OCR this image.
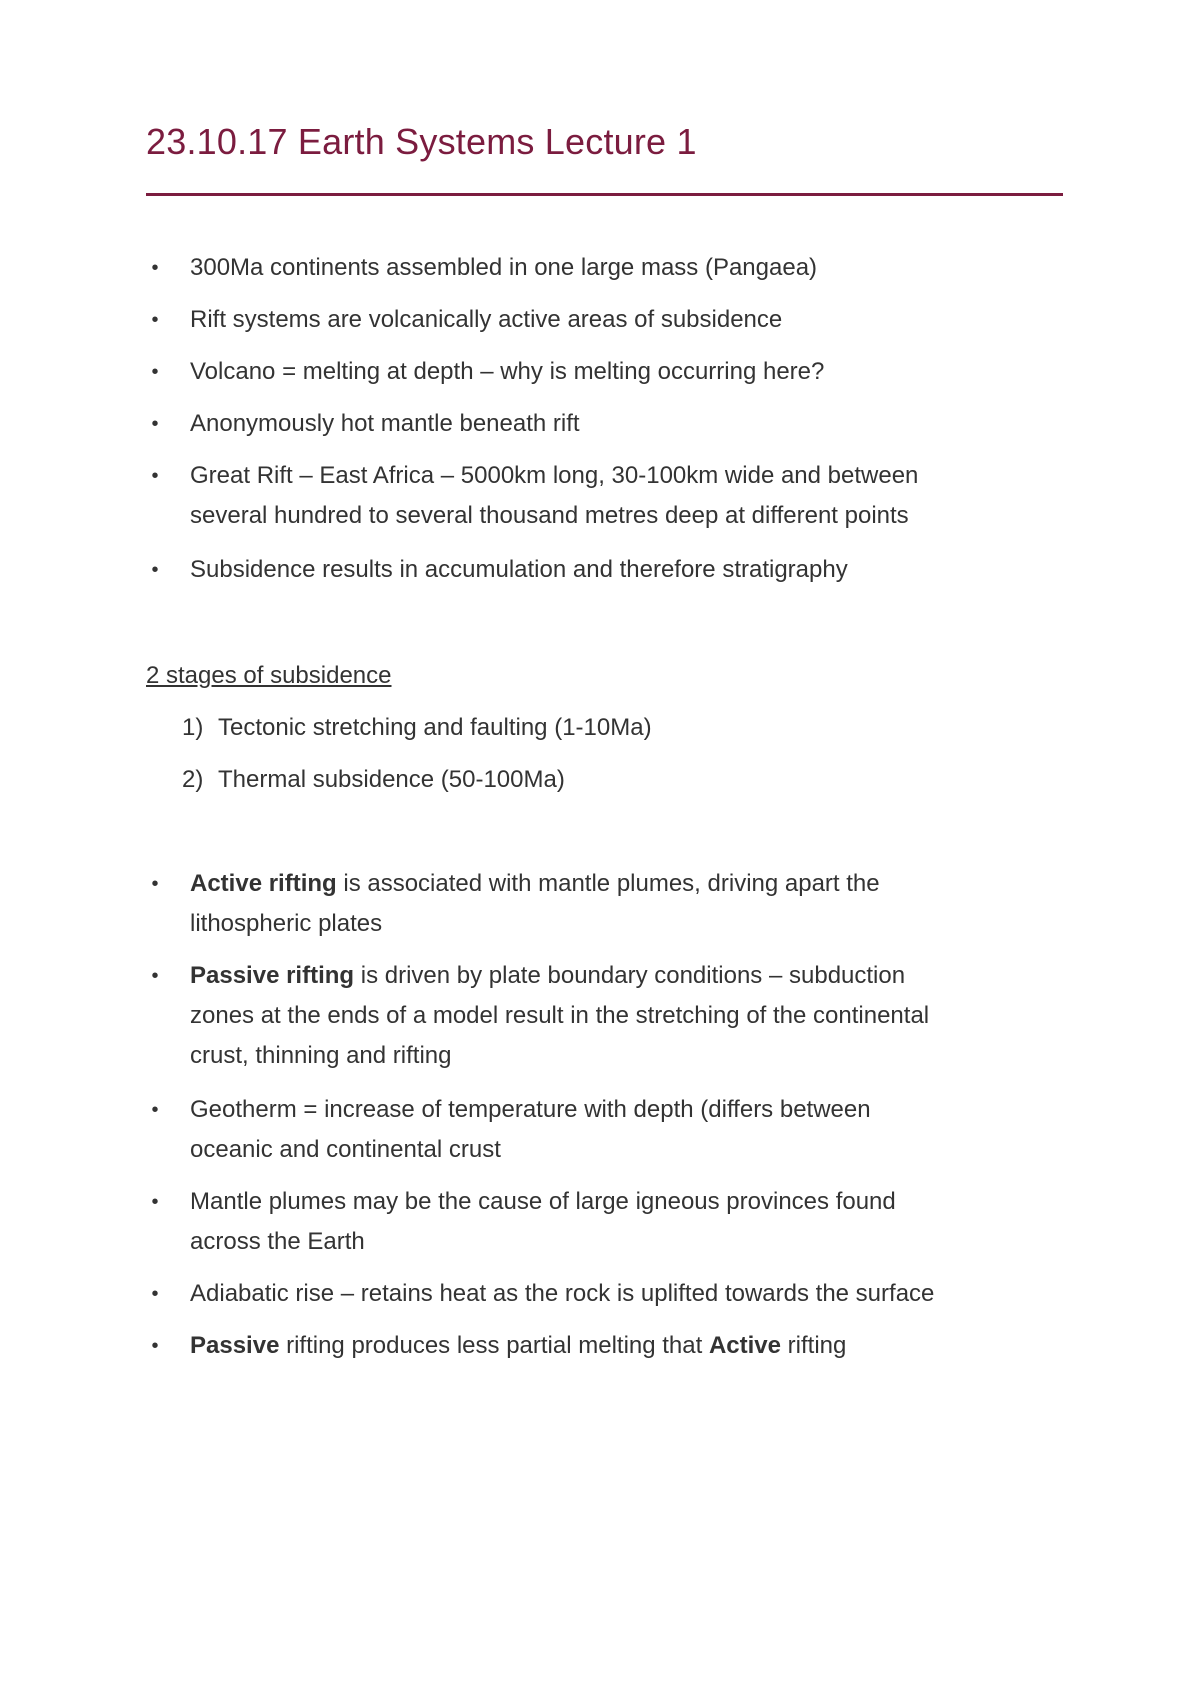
23.10.17 Earth Systems Lecture 1
• 300Ma continents assembled in one large mass (Pangaea)
• Rift systems are volcanically active areas of subsidence
• Volcano = melting at depth – why is melting occurring here?
• Anonymously hot mantle beneath rift
• Great Rift – East Africa – 5000km long, 30-100km wide and between
several hundred to several thousand metres deep at different points
• Subsidence results in accumulation and therefore stratigraphy
2 stages of subsidence
1) Tectonic stretching and faulting (1-10Ma)
2) Thermal subsidence (50-100Ma)
• Active rifting is associated with mantle plumes, driving apart the
lithospheric plates
• Passive rifting is driven by plate boundary conditions – subduction
zones at the ends of a model result in the stretching of the continental
crust, thinning and rifting
• Geotherm = increase of temperature with depth (differs between
oceanic and continental crust
• Mantle plumes may be the cause of large igneous provinces found
across the Earth
• Adiabatic rise – retains heat as the rock is uplifted towards the surface
• Passive rifting produces less partial melting that Active rifting
